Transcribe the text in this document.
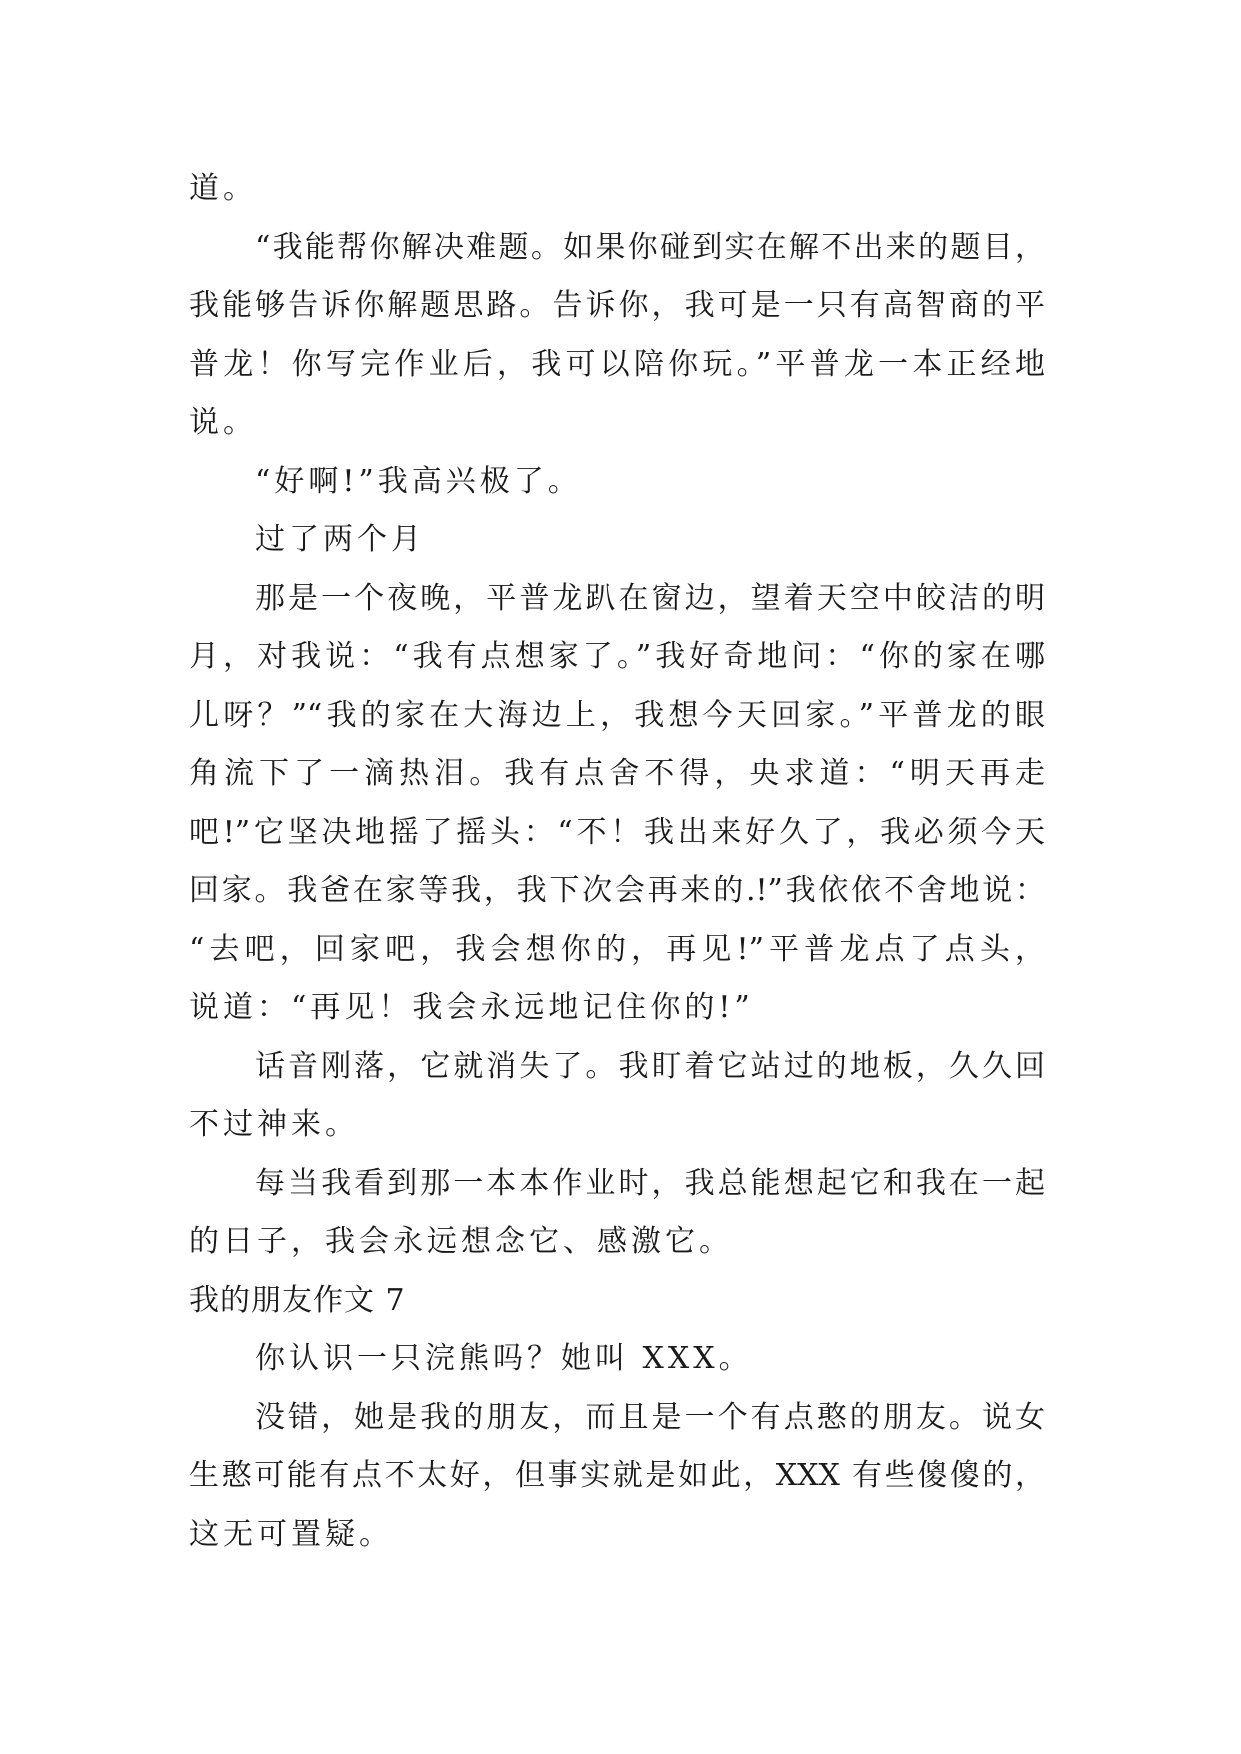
道。
“我能帮你解决难题。如果你碰到实在解不出来的题目，
我能够告诉你解题思路。告诉你，我可是一只有高智商的平
普龙！你写完作业后，我可以陪你玩。”平普龙一本正经地
说。
“好啊!”我高兴极了。
过了两个月
那是一个夜晚，平普龙趴在窗边，望着天空中皎洁的明
月，对我说：“我有点想家了。”我好奇地问：“你的家在哪
儿呀？”“我的家在大海边上，我想今天回家。”平普龙的眼
角流下了一滴热泪。我有点舍不得，央求道：“明天再走
吧!”它坚决地摇了摇头：“不！我出来好久了，我必须今天
回家。我爸在家等我，我下次会再来的.!”我依依不舍地说：
“去吧，回家吧，我会想你的，再见!”平普龙点了点头，
说道：“再见！我会永远地记住你的!”
话音刚落，它就消失了。我盯着它站过的地板，久久回
不过神来。
每当我看到那一本本作业时，我总能想起它和我在一起
的日子，我会永远想念它、感激它。
我的朋友作文 7
你认识一只浣熊吗？她叫 XXX。
没错，她是我的朋友，而且是一个有点憨的朋友。说女
生憨可能有点不太好，但事实就是如此，XXX 有些傻傻的，
这无可置疑。
